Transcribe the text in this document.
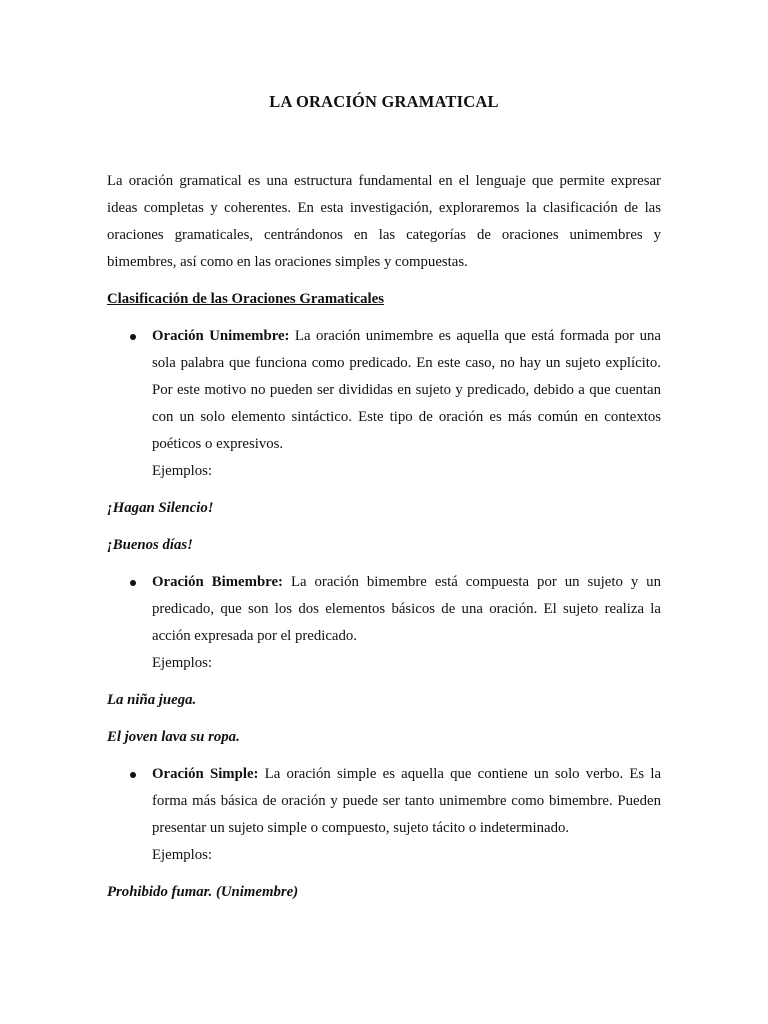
LA ORACIÓN GRAMATICAL

La oración gramatical es una estructura fundamental en el lenguaje que permite expresar ideas completas y coherentes. En esta investigación, exploraremos la clasificación de las oraciones gramaticales, centrándonos en las categorías de oraciones unimembres y bimembres, así como en las oraciones simples y compuestas.

Clasificación de las Oraciones Gramaticales

Oración Unimembre: La oración unimembre es aquella que está formada por una sola palabra que funciona como predicado. En este caso, no hay un sujeto explícito. Por este motivo no pueden ser divididas en sujeto y predicado, debido a que cuentan con un solo elemento sintáctico. Este tipo de oración es más común en contextos poéticos o expresivos.
Ejemplos:

¡Hagan Silencio!

¡Buenos días!

Oración Bimembre: La oración bimembre está compuesta por un sujeto y un predicado, que son los dos elementos básicos de una oración. El sujeto realiza la acción expresada por el predicado.
Ejemplos:

La niña juega.

El joven lava su ropa.

Oración Simple: La oración simple es aquella que contiene un solo verbo. Es la forma más básica de oración y puede ser tanto unimembre como bimembre. Pueden presentar un sujeto simple o compuesto, sujeto tácito o indeterminado.
Ejemplos:

Prohibido fumar. (Unimembre)
